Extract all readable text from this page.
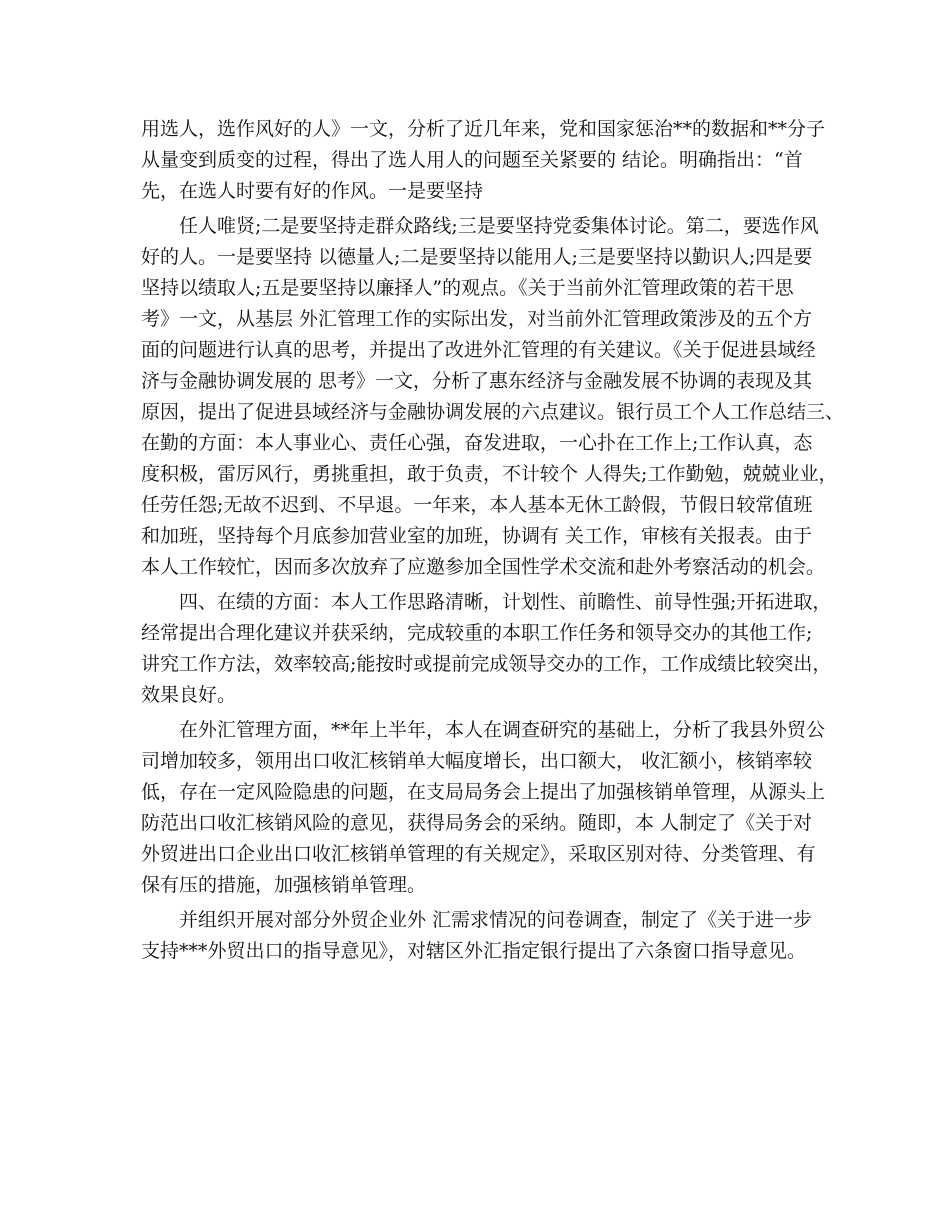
用选人，选作风好的人》一文，分析了近几年来，党和国家惩治**的数据和**分子
从量变到质变的过程，得出了选人用人的问题至关紧要的 结论。明确指出：“首
先，在选人时要有好的作风。一是要坚持
任人唯贤;二是要坚持走群众路线;三是要坚持党委集体讨论。第二，要选作风
好的人。一是要坚持 以德量人;二是要坚持以能用人;三是要坚持以勤识人;四是要
坚持以绩取人;五是要坚持以廉择人”的观点。《关于当前外汇管理政策的若干思
考》一文，从基层 外汇管理工作的实际出发，对当前外汇管理政策涉及的五个方
面的问题进行认真的思考，并提出了改进外汇管理的有关建议。《关于促进县域经
济与金融协调发展的 思考》一文，分析了惠东经济与金融发展不协调的表现及其
原因，提出了促进县域经济与金融协调发展的六点建议。银行员工个人工作总结三、
在勤的方面：本人事业心、责任心强，奋发进取，一心扑在工作上;工作认真，态
度积极，雷厉风行，勇挑重担，敢于负责，不计较个 人得失;工作勤勉，兢兢业业，
任劳任怨;无故不迟到、不早退。一年来，本人基本无休工龄假，节假日较常值班
和加班，坚持每个月底参加营业室的加班，协调有 关工作，审核有关报表。由于
本人工作较忙，因而多次放弃了应邀参加全国性学术交流和赴外考察活动的机会。
四、在绩的方面：本人工作思路清晰，计划性、前瞻性、前导性强;开拓进取，
经常提出合理化建议并获采纳，完成较重的本职工作任务和领导交办的其他工作;
讲究工作方法，效率较高;能按时或提前完成领导交办的工作，工作成绩比较突出，
效果良好。
在外汇管理方面，**年上半年，本人在调查研究的基础上，分析了我县外贸公
司增加较多，领用出口收汇核销单大幅度增长，出口额大， 收汇额小，核销率较
低，存在一定风险隐患的问题，在支局局务会上提出了加强核销单管理，从源头上
防范出口收汇核销风险的意见，获得局务会的采纳。随即，本 人制定了《关于对
外贸进出口企业出口收汇核销单管理的有关规定》，采取区别对待、分类管理、有
保有压的措施，加强核销单管理。
并组织开展对部分外贸企业外 汇需求情况的问卷调查，制定了《关于进一步
支持***外贸出口的指导意见》，对辖区外汇指定银行提出了六条窗口指导意见。
